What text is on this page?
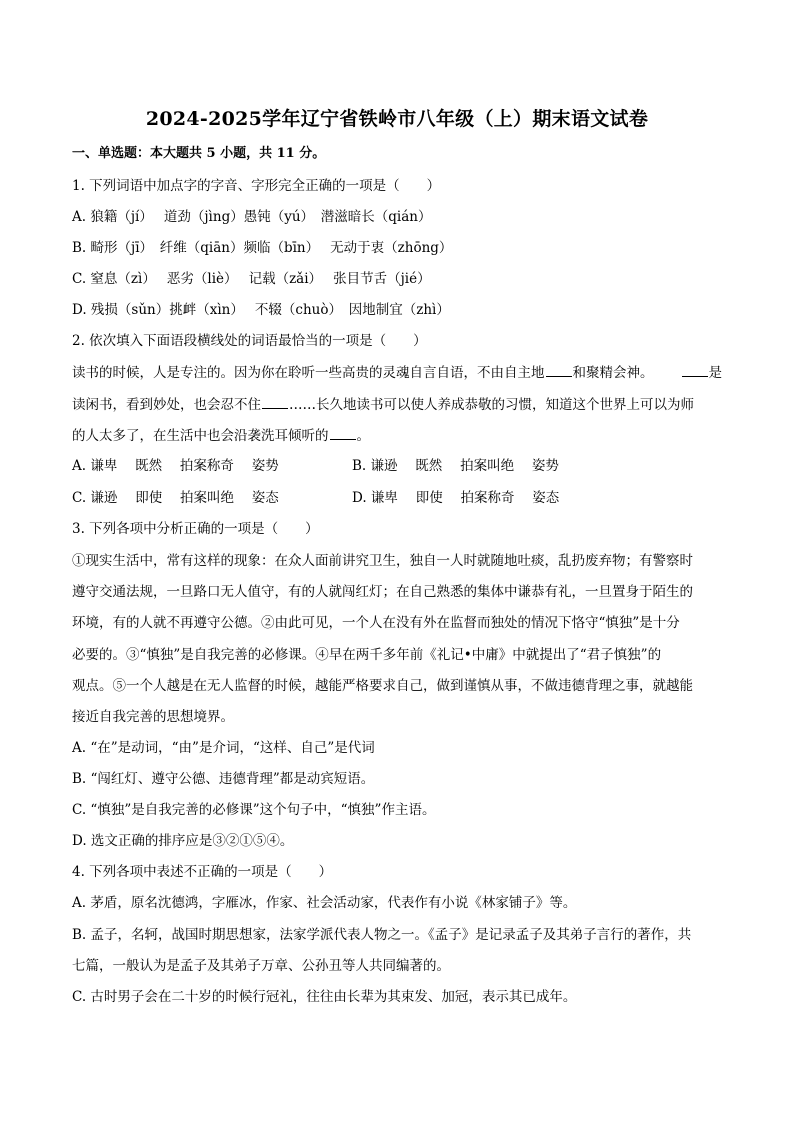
2024-2025学年辽宁省铁岭市八年级（上）期末语文试卷
一、单选题：本大题共 5 小题，共 11 分。
1. 下列词语中加点字的字音、字形完全正确的一项是（　　）
A. 狼籍（jí）　 道劲（jìng）愚钝（yú）　潜滋暗长（qián）
B. 畸形（jī）　纤维（qiān）频临（bīn）　 无动于衷（zhōng）
C. 窒息（zì）　 恶劣（liè）　 记载（zǎi）　 张目节舌（jié）
D. 残损（sǔn）挑衅（xìn）　 不辍（chuò）　因地制宜（zhì）
2. 依次填入下面语段横线处的词语最恰当的一项是（　　）
读书的时候，人是专注的。因为你在聆听一些高贵的灵魂自言自语，不由自主地 和聚精会神。	是
读闲书，看到妙处，也会忍不住 ……长久地读书可以使人养成恭敬的习惯，知道这个世界上可以为师
的人太多了，在生活中也会沿袭洗耳倾听的 。
A. 谦卑　 既然　 拍案称奇　 姿势	B. 谦逊　 既然　 拍案叫绝　 姿势
C. 谦逊　 即使　 拍案叫绝　 姿态	D. 谦卑　 即使　 拍案称奇　 姿态
3. 下列各项中分析正确的一项是（　　）
①现实生活中，常有这样的现象：在众人面前讲究卫生，独自一人时就随地吐痰，乱扔废弃物；有警察时
遵守交通法规，一旦路口无人值守，有的人就闯红灯；在自己熟悉的集体中谦恭有礼，一旦置身于陌生的
环境，有的人就不再遵守公德。②由此可见，一个人在没有外在监督而独处的情况下恪守“慎独”是十分
必要的。③“慎独”是自我完善的必修课。④早在两千多年前《礼记•中庸》中就提出了“君子慎独”的
观点。⑤一个人越是在无人监督的时候，越能严格要求自己，做到谨慎从事，不做违德背理之事，就越能
接近自我完善的思想境界。
A. “在”是动词，“由”是介词，“这样、自己”是代词
B. “闯红灯、遵守公德、违德背理”都是动宾短语。
C. “慎独”是自我完善的必修课”这个句子中，“慎独”作主语。
D. 选文正确的排序应是③②①⑤④。
4. 下列各项中表述不正确的一项是（　　）
A. 茅盾，原名沈德鸿，字雁冰，作家、社会活动家，代表作有小说《林家铺子》等。
B. 孟子，名轲，战国时期思想家，法家学派代表人物之一。《孟子》是记录孟子及其弟子言行的著作，共
七篇，一般认为是孟子及其弟子万章、公孙丑等人共同编著的。
C. 古时男子会在二十岁的时候行冠礼，往往由长辈为其束发、加冠，表示其已成年。
